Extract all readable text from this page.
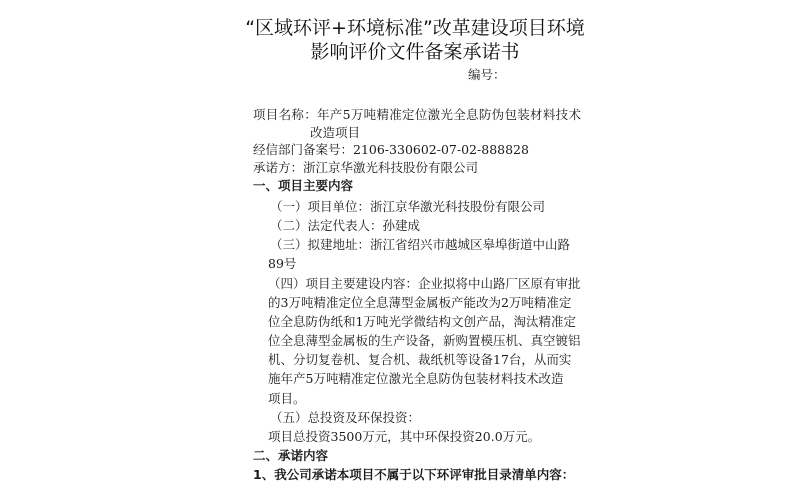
“区域环评+环境标准”改革建设项目环境
影响评价文件备案承诺书
编号：
项目名称：年产5万吨精准定位激光全息防伪包装材料技术
改造项目
经信部门备案号：2106-330602-07-02-888828
承诺方：浙江京华激光科技股份有限公司
一、项目主要内容
（一）项目单位：浙江京华激光科技股份有限公司
（二）法定代表人：孙建成
（三）拟建地址：浙江省绍兴市越城区皋埠街道中山路
89号
（四）项目主要建设内容：企业拟将中山路厂区原有审批
的3万吨精准定位全息薄型金属板产能改为2万吨精准定
位全息防伪纸和1万吨光学微结构文创产品，淘汰精准定
位全息薄型金属板的生产设备，新购置模压机、真空镀铝
机、分切复卷机、复合机、裁纸机等设备17台，从而实
施年产5万吨精准定位激光全息防伪包装材料技术改造
项目。
（五）总投资及环保投资：
项目总投资3500万元，其中环保投资20.0万元。
二、承诺内容
1、我公司承诺本项目不属于以下环评审批目录清单内容：
